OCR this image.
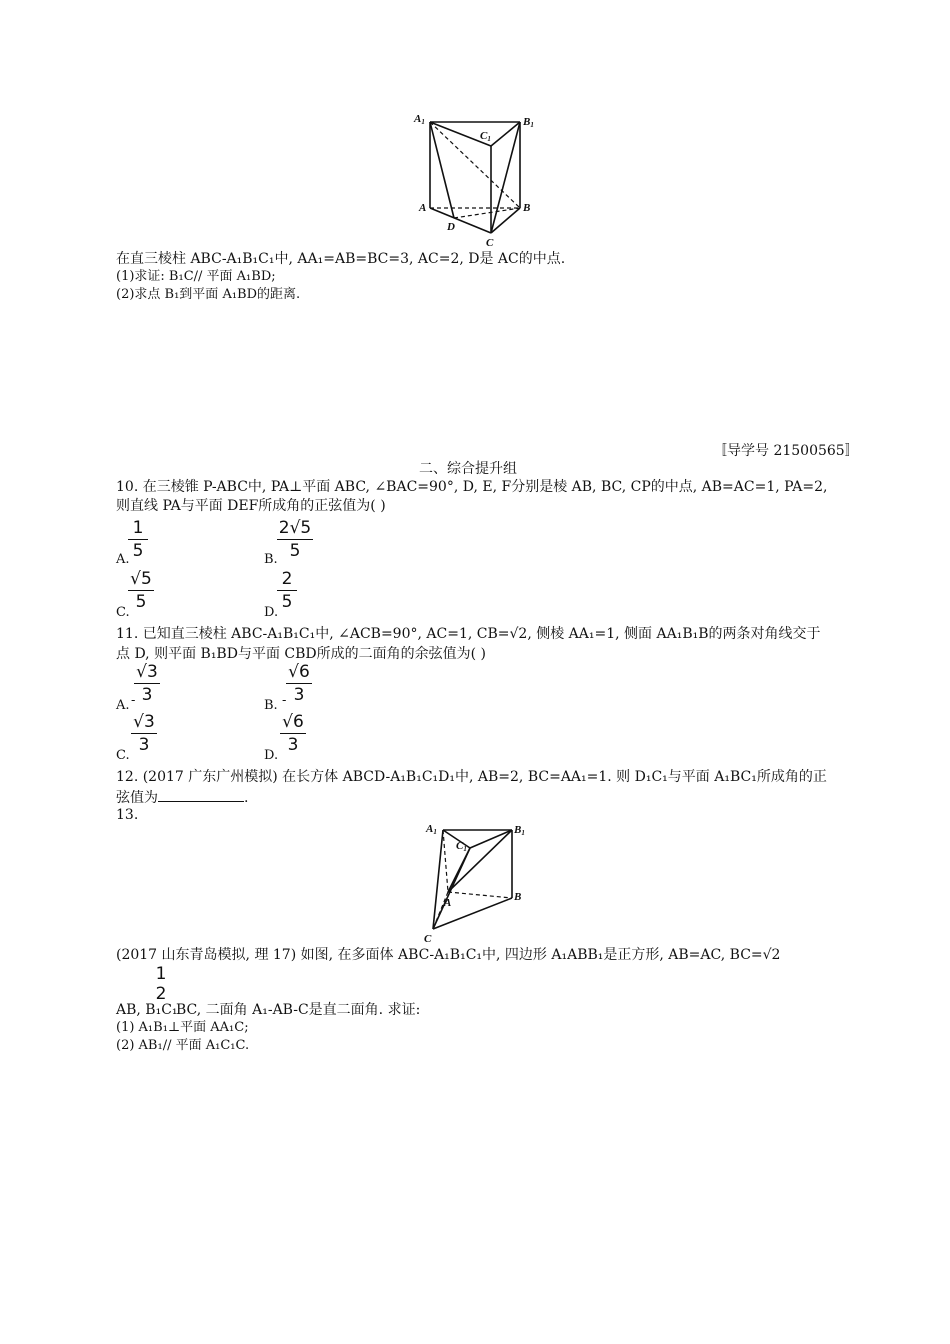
A1	B1
C1
A	B
C
D
在直三棱柱 ABC-A₁B₁C₁中, AA₁=AB=BC=3, AC=2, D是 AC的中点.
(1)求证: B₁C// 平面 A₁BD;
(2)求点 B₁到平面 A₁BD的距离.
〚导学号 21500565〛
二、综合提升组
10. 在三棱锥 P-ABC中, PA⊥平面 ABC, ∠BAC=90°, D, E, F分别是棱 AB, BC, CP的中点, AB=AC=1, PA=2,
则直线 PA与平面 DEF所成角的正弦值为( )
A.
1
5	B.
2√5
5
C.
√5
5
D.
2
5
11. 已知直三棱柱 ABC-A₁B₁C₁中, ∠ACB=90°, AC=1, CB=√2, 侧棱 AA₁=1, 侧面 AA₁B₁B的两条对角线交于
点 D, 则平面 B₁BD与平面 CBD所成的二面角的余弦值为( )
A. -
√3
3
B. -
√6
3
C.
√3
3
D.
√6
3
12. (2017 广东广州模拟) 在长方体 ABCD-A₁B₁C₁D₁中, AB=2, BC=AA₁=1. 则 D₁C₁与平面 A₁BC₁所成角的正
弦值为	.
13.
A1	B1
C1
A	B
C
(2017 山东青岛模拟, 理 17) 如图, 在多面体 ABC-A₁B₁C₁中, 四边形 A₁ABB₁是正方形, AB=AC, BC=√2
1
2
AB, B₁C₁
BC, 二面角 A₁-AB-C是直二面角. 求证:
(1) A₁B₁⊥平面 AA₁C;
(2) AB₁// 平面 A₁C₁C.
